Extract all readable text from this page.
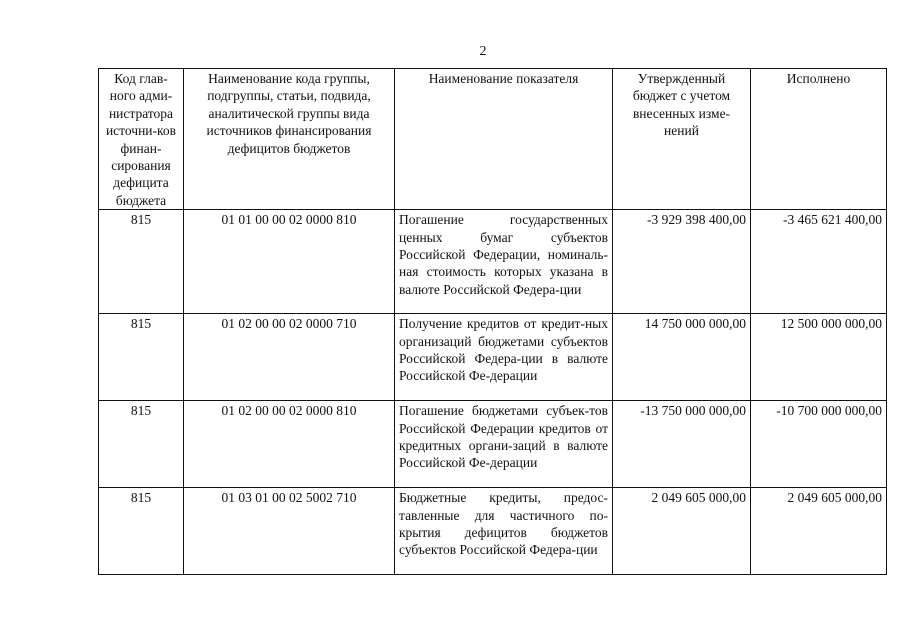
2
Код глав-ного адми-нистратора источни-ков финан-сирования дефицита бюджета	Наименование кода группы, подгруппы, статьи, подвида, аналитической группы вида источников финансирования дефицитов бюджетов	Наименование показателя	Утвержденный бюджет с учетом внесенных изме-нений	Исполнено
815	01 01 00 00 02 0000 810	Погашение государственных ценных бумаг субъектов Российской Федерации, номиналь-ная стоимость которых указана в валюте Российской Федера-ции	-3 929 398 400,00	-3 465 621 400,00
815	01 02 00 00 02 0000 710	Получение кредитов от кредит-ных организаций бюджетами субъектов Российской Федера-ции в валюте Российской Фе-дерации	14 750 000 000,00	12 500 000 000,00
815	01 02 00 00 02 0000 810	Погашение бюджетами субъек-тов Российской Федерации кредитов от кредитных органи-заций в валюте Российской Фе-дерации	-13 750 000 000,00	-10 700 000 000,00
815	01 03 01 00 02 5002 710	Бюджетные кредиты, предос-тавленные для частичного по-крытия дефицитов бюджетов субъектов Российской Федера-ции	2 049 605 000,00	2 049 605 000,00
